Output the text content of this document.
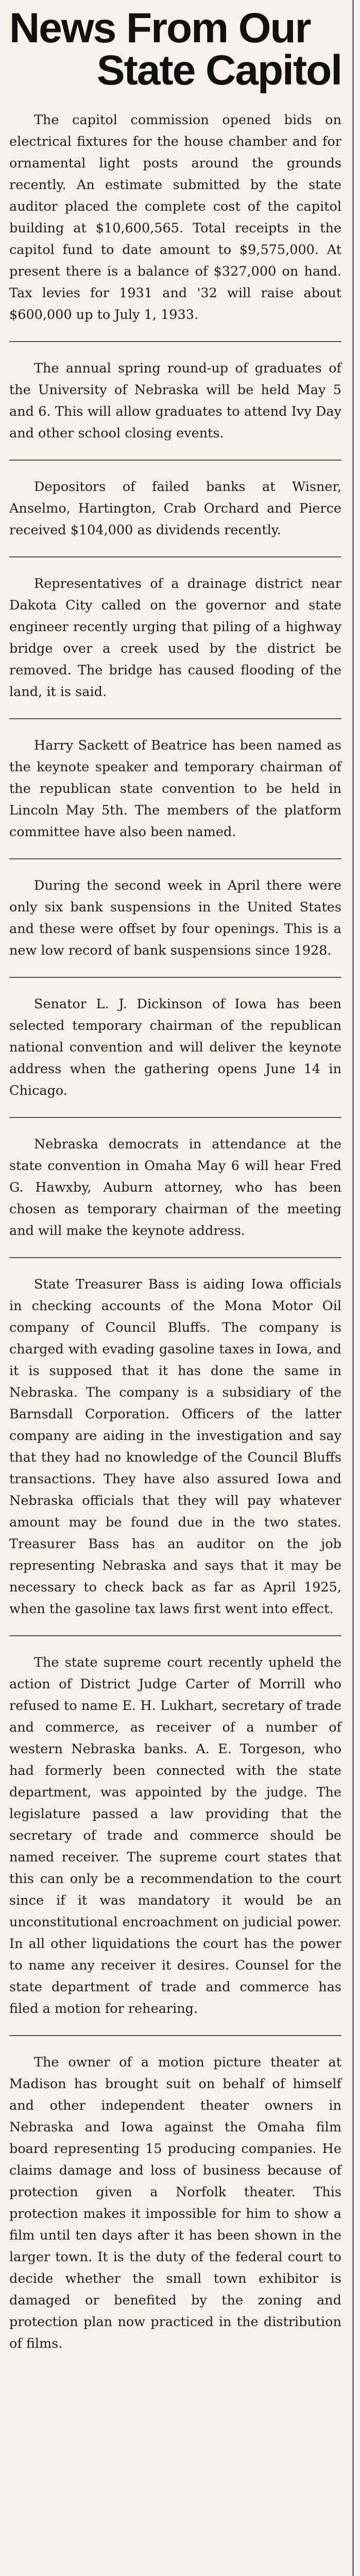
News From Our
State Capitol

The capitol commission opened bids on electrical fixtures for the house chamber and for ornamental light posts around the grounds recently. An estimate submitted by the state auditor placed the complete cost of the capitol building at $10,600,565. Total receipts in the capitol fund to date amount to $9,575,000. At present there is a balance of $327,000 on hand. Tax levies for 1931 and '32 will raise about $600,000 up to July 1, 1933.

The annual spring round-up of graduates of the University of Nebraska will be held May 5 and 6. This will allow graduates to attend Ivy Day and other school closing events.

Depositors of failed banks at Wisner, Anselmo, Hartington, Crab Orchard and Pierce received $104,000 as dividends recently.

Representatives of a drainage district near Dakota City called on the governor and state engineer recently urging that piling of a highway bridge over a creek used by the district be removed. The bridge has caused flooding of the land, it is said.

Harry Sackett of Beatrice has been named as the keynote speaker and temporary chairman of the republican state convention to be held in Lincoln May 5th. The members of the platform committee have also been named.

During the second week in April there were only six bank suspensions in the United States and these were offset by four openings. This is a new low record of bank suspensions since 1928.

Senator L. J. Dickinson of Iowa has been selected temporary chairman of the republican national convention and will deliver the keynote address when the gathering opens June 14 in Chicago.

Nebraska democrats in attendance at the state convention in Omaha May 6 will hear Fred G. Hawxby, Auburn attorney, who has been chosen as temporary chairman of the meeting and will make the keynote address.

State Treasurer Bass is aiding Iowa officials in checking accounts of the Mona Motor Oil company of Council Bluffs. The company is charged with evading gasoline taxes in Iowa, and it is supposed that it has done the same in Nebraska. The company is a subsidiary of the Barnsdall Corporation. Officers of the latter company are aiding in the investigation and say that they had no knowledge of the Council Bluffs transactions. They have also assured Iowa and Nebraska officials that they will pay whatever amount may be found due in the two states. Treasurer Bass has an auditor on the job representing Nebraska and says that it may be necessary to check back as far as April 1925, when the gasoline tax laws first went into effect.

The state supreme court recently upheld the action of District Judge Carter of Morrill who refused to name E. H. Lukhart, secretary of trade and commerce, as receiver of a number of western Nebraska banks. A. E. Torgeson, who had formerly been connected with the state department, was appointed by the judge. The legislature passed a law providing that the secretary of trade and commerce should be named receiver. The supreme court states that this can only be a recommendation to the court since if it was mandatory it would be an unconstitutional encroachment on judicial power. In all other liquidations the court has the power to name any receiver it desires. Counsel for the state department of trade and commerce has filed a motion for rehearing.

The owner of a motion picture theater at Madison has brought suit on behalf of himself and other independent theater owners in Nebraska and Iowa against the Omaha film board representing 15 producing companies. He claims damage and loss of business because of protection given a Norfolk theater. This protection makes it impossible for him to show a film until ten days after it has been shown in the larger town. It is the duty of the federal court to decide whether the small town exhibitor is damaged or benefited by the zoning and protection plan now practiced in the distribution of films.
